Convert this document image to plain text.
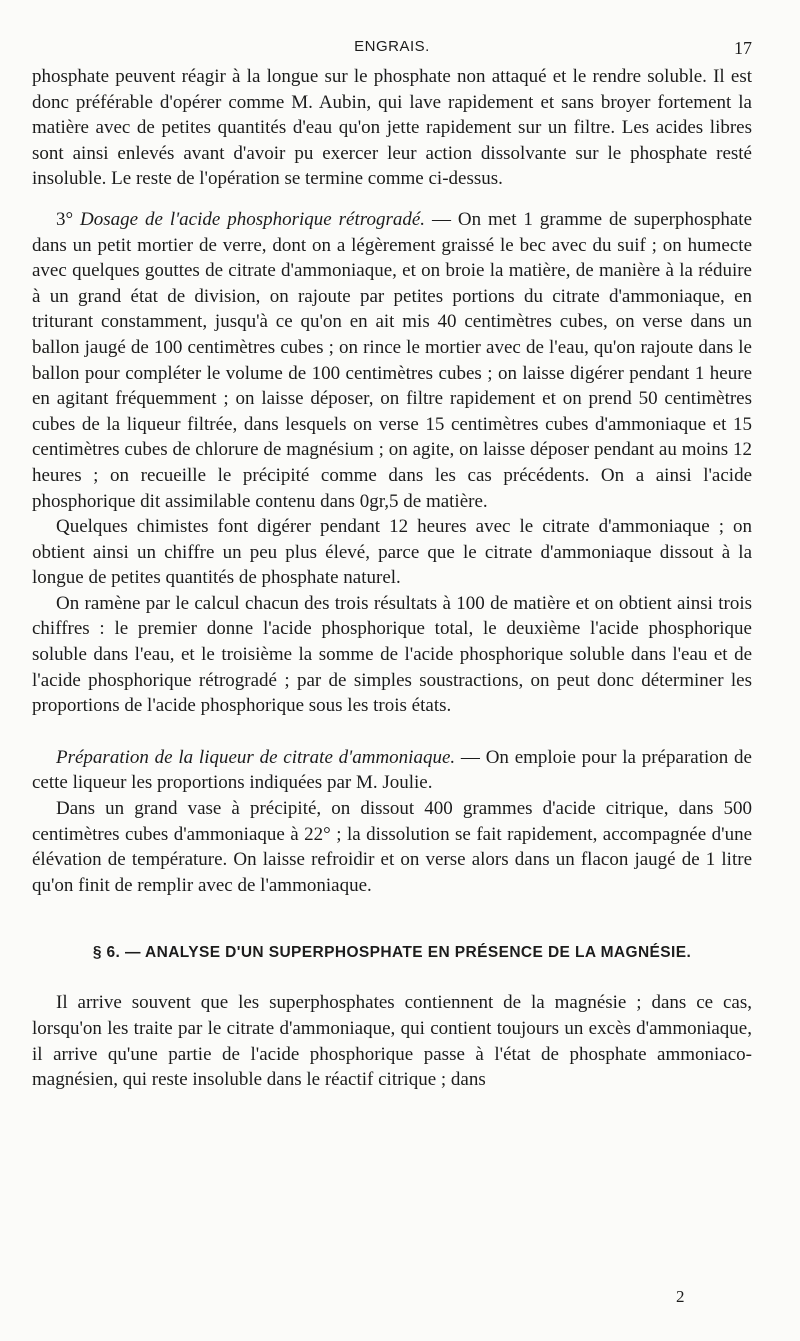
ENGRAIS.	17

phosphate peuvent réagir à la longue sur le phosphate non attaqué et le rendre soluble. Il est donc préférable d'opérer comme M. Aubin, qui lave rapidement et sans broyer fortement la matière avec de petites quantités d'eau qu'on jette rapidement sur un filtre. Les acides libres sont ainsi enlevés avant d'avoir pu exercer leur action dissolvante sur le phosphate resté insoluble. Le reste de l'opération se termine comme ci-dessus.

3° Dosage de l'acide phosphorique rétrogradé. — On met 1 gramme de superphosphate dans un petit mortier de verre, dont on a légèrement graissé le bec avec du suif ; on humecte avec quelques gouttes de citrate d'ammoniaque, et on broie la matière, de manière à la réduire à un grand état de division, on rajoute par petites portions du citrate d'ammoniaque, en triturant constamment, jusqu'à ce qu'on en ait mis 40 centimètres cubes, on verse dans un ballon jaugé de 100 centimètres cubes ; on rince le mortier avec de l'eau, qu'on rajoute dans le ballon pour compléter le volume de 100 centimètres cubes ; on laisse digérer pendant 1 heure en agitant fréquemment ; on laisse déposer, on filtre rapidement et on prend 50 centimètres cubes de la liqueur filtrée, dans lesquels on verse 15 centimètres cubes d'ammoniaque et 15 centimètres cubes de chlorure de magnésium ; on agite, on laisse déposer pendant au moins 12 heures ; on recueille le précipité comme dans les cas précédents. On a ainsi l'acide phosphorique dit assimilable contenu dans 0gr,5 de matière.

Quelques chimistes font digérer pendant 12 heures avec le citrate d'ammoniaque ; on obtient ainsi un chiffre un peu plus élevé, parce que le citrate d'ammoniaque dissout à la longue de petites quantités de phosphate naturel.

On ramène par le calcul chacun des trois résultats à 100 de matière et on obtient ainsi trois chiffres : le premier donne l'acide phosphorique total, le deuxième l'acide phosphorique soluble dans l'eau, et le troisième la somme de l'acide phosphorique soluble dans l'eau et de l'acide phosphorique rétrogradé ; par de simples soustractions, on peut donc déterminer les proportions de l'acide phosphorique sous les trois états.

Préparation de la liqueur de citrate d'ammoniaque. — On emploie pour la préparation de cette liqueur les proportions indiquées par M. Joulie.

Dans un grand vase à précipité, on dissout 400 grammes d'acide citrique, dans 500 centimètres cubes d'ammoniaque à 22° ; la dissolution se fait rapidement, accompagnée d'une élévation de température. On laisse refroidir et on verse alors dans un flacon jaugé de 1 litre qu'on finit de remplir avec de l'ammoniaque.

§ 6. — ANALYSE D'UN SUPERPHOSPHATE EN PRÉSENCE DE LA MAGNÉSIE.

Il arrive souvent que les superphosphates contiennent de la magnésie ; dans ce cas, lorsqu'on les traite par le citrate d'ammoniaque, qui contient toujours un excès d'ammoniaque, il arrive qu'une partie de l'acide phosphorique passe à l'état de phosphate ammoniaco-magnésien, qui reste insoluble dans le réactif citrique ; dans

2
